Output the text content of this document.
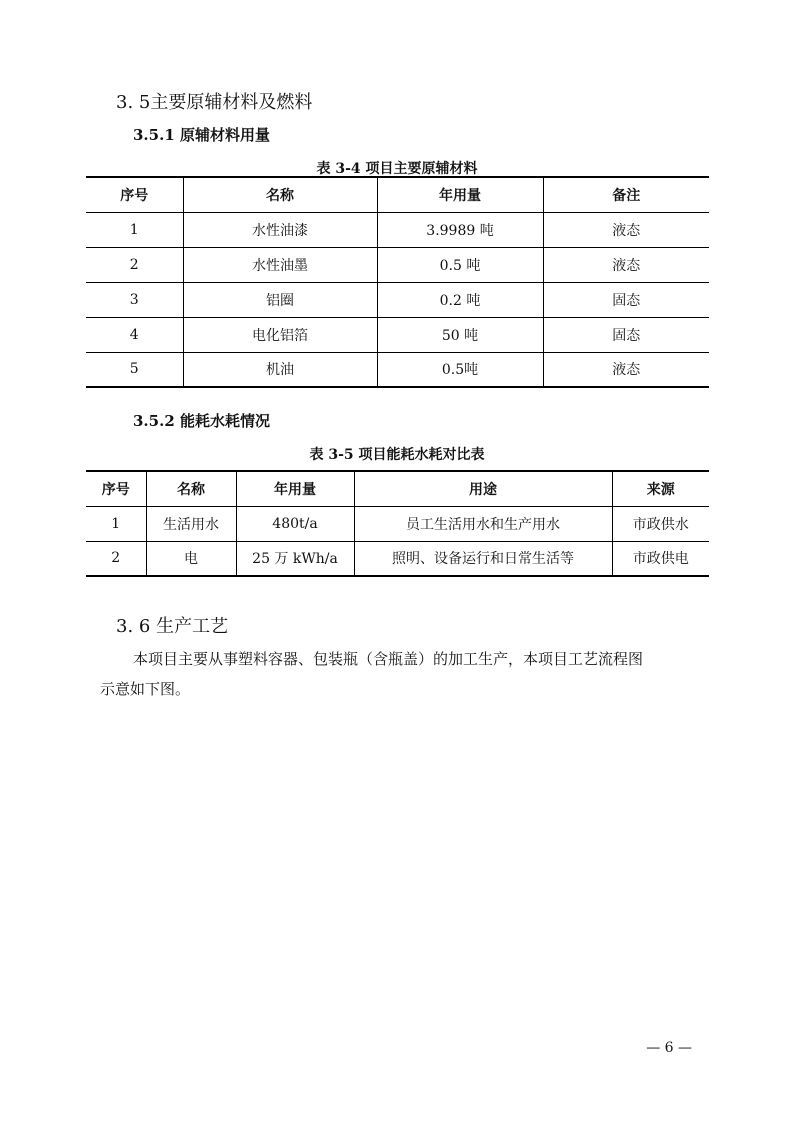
3. 5主要原辅材料及燃料
3.5.1 原辅材料用量
表 3-4 项目主要原辅材料
序号	名称	年用量	备注
1	水性油漆	3.9989 吨	液态
2	水性油墨	0.5 吨	液态
3	铝圈	0.2 吨	固态
4	电化铝箔	50 吨	固态
5	机油	0.5吨	液态
3.5.2 能耗水耗情况
表 3-5 项目能耗水耗对比表
序号	名称	年用量	用途	来源
1	生活用水	480t/a	员工生活用水和生产用水	市政供水
2	电	25 万 kWh/a	照明、设备运行和日常生活等	市政供电
3. 6 生产工艺
本项目主要从事塑料容器、包装瓶（含瓶盖）的加工生产，本项目工艺流程图
示意如下图。
— 6 —
